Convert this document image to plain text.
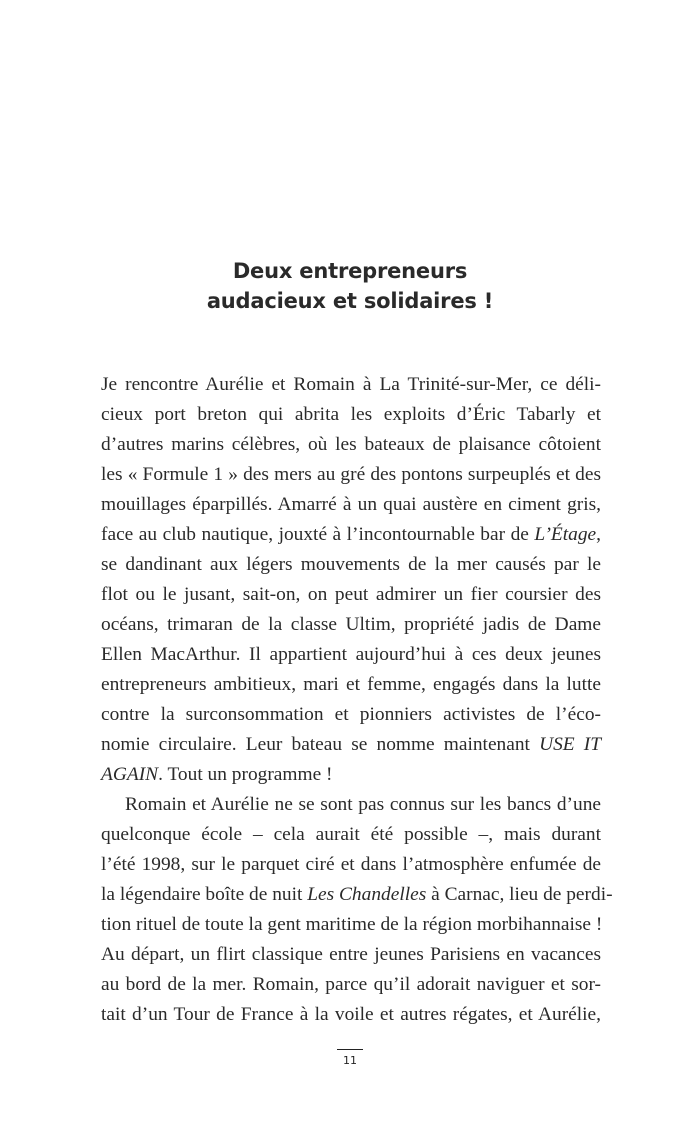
Deux entrepreneurs
audacieux et solidaires !
Je rencontre Aurélie et Romain à La Trinité-sur-Mer, ce déli-
cieux port breton qui abrita les exploits d’Éric Tabarly et
d’autres marins célèbres, où les bateaux de plaisance côtoient
les « Formule 1 » des mers au gré des pontons surpeuplés et des
mouillages éparpillés. Amarré à un quai austère en ciment gris,
face au club nautique, jouxté à l’incontournable bar de L’Étage,
se dandinant aux légers mouvements de la mer causés par le
flot ou le jusant, sait-on, on peut admirer un fier coursier des
océans, trimaran de la classe Ultim, propriété jadis de Dame
Ellen MacArthur. Il appartient aujourd’hui à ces deux jeunes
entrepreneurs ambitieux, mari et femme, engagés dans la lutte
contre la surconsommation et pionniers activistes de l’éco-
nomie circulaire. Leur bateau se nomme maintenant USE IT
AGAIN. Tout un programme !
Romain et Aurélie ne se sont pas connus sur les bancs d’une
quelconque école – cela aurait été possible –, mais durant
l’été 1998, sur le parquet ciré et dans l’atmosphère enfumée de
la légendaire boîte de nuit Les Chandelles à Carnac, lieu de perdi-
tion rituel de toute la gent maritime de la région morbihannaise !
Au départ, un flirt classique entre jeunes Parisiens en vacances
au bord de la mer. Romain, parce qu’il adorait naviguer et sor-
tait d’un Tour de France à la voile et autres régates, et Aurélie,
11
